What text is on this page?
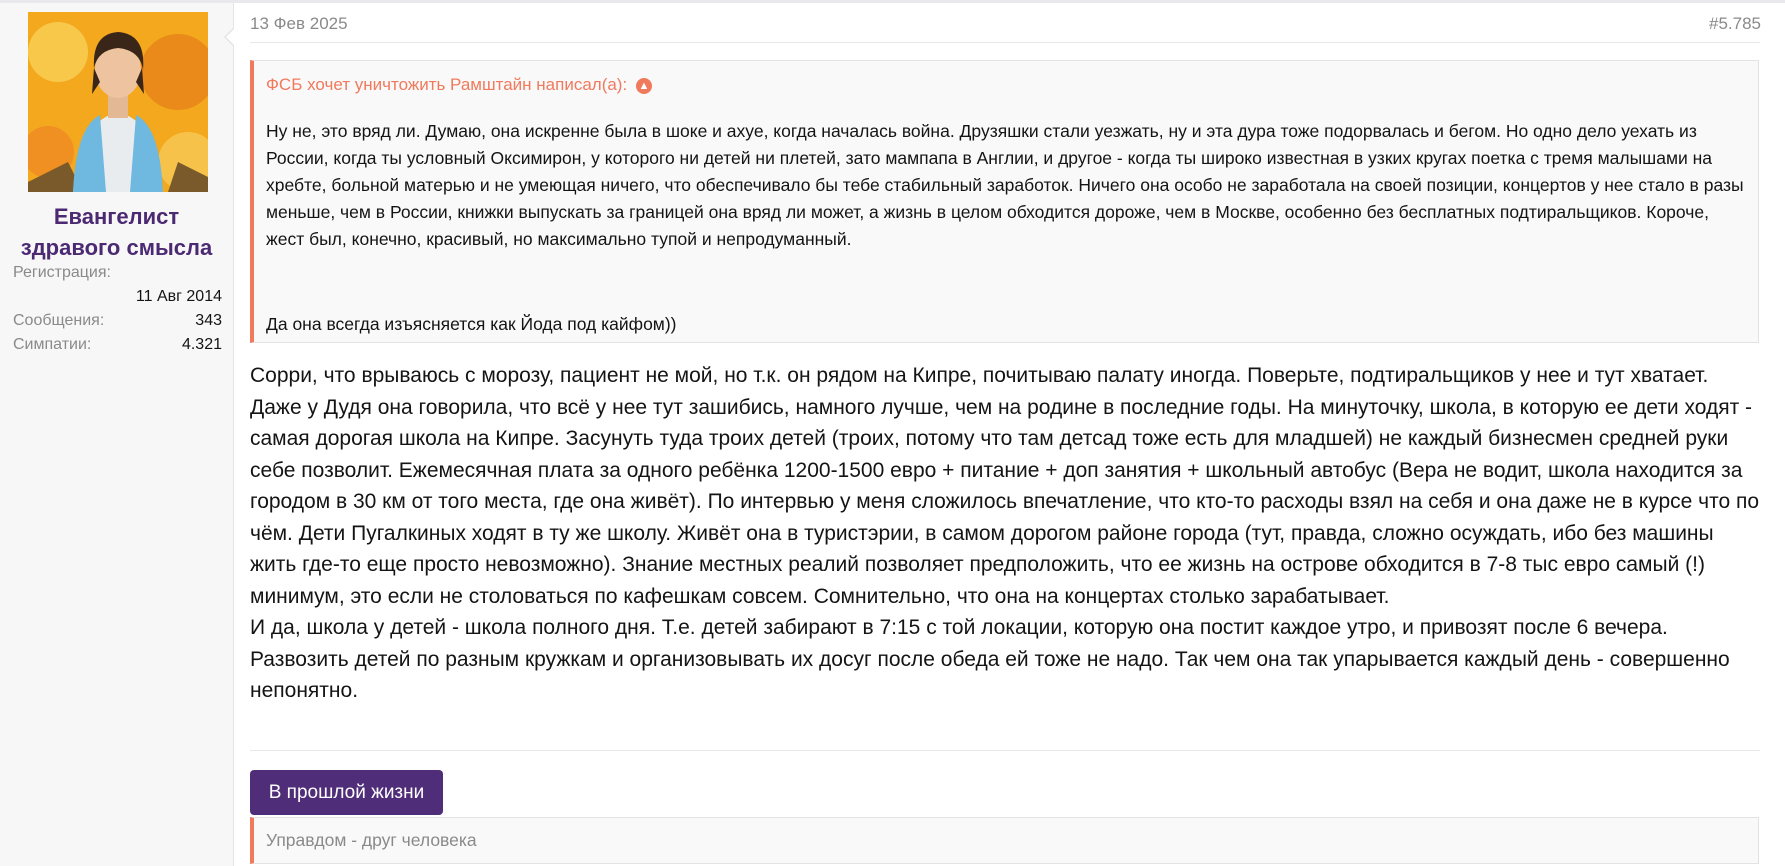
Евангелист
здравого смысла
Регистрация:
11 Авг 2014
Сообщения:	343
Симпатии:	4.321
13 Фев 2025	#5.785
ФСБ хочет уничтожить Рамштайн написал(а): ▲
Ну не, это вряд ли. Думаю, она искренне была в шоке и ахуе, когда началась война. Друзяшки стали уезжать, ну и эта дура тоже подорвалась и бегом. Но одно дело уехать из России, когда ты условный Оксимирон, у которого ни детей ни плетей, зато мампапа в Англии, и другое - когда ты широко известная в узких кругах поетка с тремя малышами на хребте, больной матерью и не умеющая ничего, что обеспечивало бы тебе стабильный заработок. Ничего она особо не заработала на своей позиции, концертов у нее стало в разы меньше, чем в России, книжки выпускать за границей она вряд ли может, а жизнь в целом обходится дороже, чем в Москве, особенно без бесплатных подтиральщиков. Короче, жест был, конечно, красивый, но максимально тупой и непродуманный.
Да она всегда изъясняется как Йода под кайфом))

Сорри, что врываюсь с морозу, пациент не мой, но т.к. он рядом на Кипре, почитываю палату иногда. Поверьте, подтиральщиков у нее и тут хватает. Даже у Дудя она говорила, что всё у нее тут зашибись, намного лучше, чем на родине в последние годы. На минуточку, школа, в которую ее дети ходят - самая дорогая школа на Кипре. Засунуть туда троих детей (троих, потому что там детсад тоже есть для младшей) не каждый бизнесмен средней руки себе позволит. Ежемесячная плата за одного ребёнка 1200-1500 евро + питание + доп занятия + школьный автобус (Вера не водит, школа находится за городом в 30 км от того места, где она живёт). По интервью у меня сложилось впечатление, что кто-то расходы взял на себя и она даже не в курсе что по чём. Дети Пугалкиных ходят в ту же школу. Живёт она в туристэрии, в самом дорогом районе города (тут, правда, сложно осуждать, ибо без машины жить где-то еще просто невозможно). Знание местных реалий позволяет предположить, что ее жизнь на острове обходится в 7-8 тыс евро самый (!) минимум, это если не столоваться по кафешкам совсем. Сомнительно, что она на концертах столько зарабатывает.

И да, школа у детей - школа полного дня. Т.е. детей забирают в 7:15 с той локации, которую она постит каждое утро, и привозят после 6 вечера. Развозить детей по разным кружкам и организовывать их досуг после обеда ей тоже не надо. Так чем она так упарывается каждый день - совершенно непонятно.

В прошлой жизни
Управдом - друг человека
